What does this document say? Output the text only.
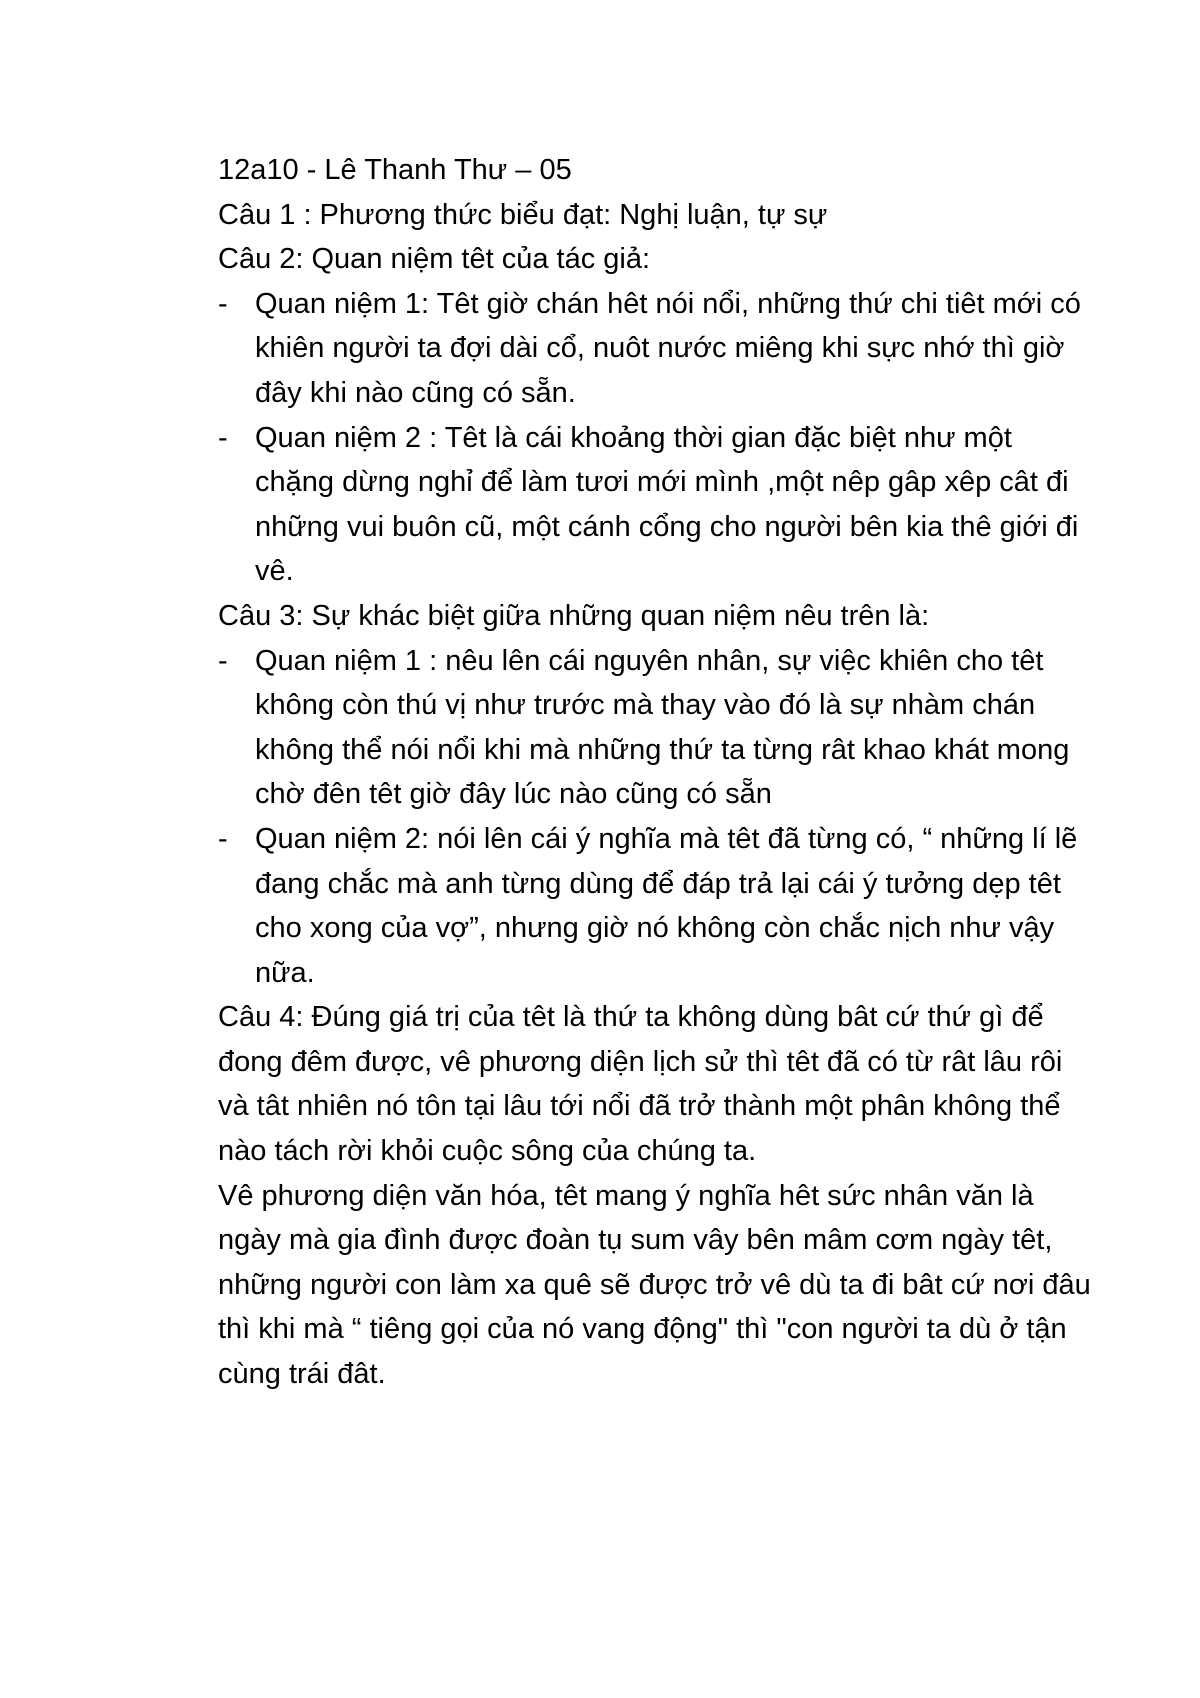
12a10 - Lê Thanh Thư – 05

Câu 1 : Phương thức biểu đạt: Nghị luận, tự sự

Câu 2: Quan niệm têt của tác giả:

- Quan niệm 1: Têt giờ chán hêt nói nổi, những thứ chi tiêt mới có khiên người ta đợi dài cổ, nuôt nước miêng khi sực nhớ thì giờ đây khi nào cũng có sẵn.
- Quan niệm 2 : Têt là cái khoảng thời gian đặc biệt như một chặng dừng nghỉ để làm tươi mới mình ,một nêp gâp xêp cât đi những vui buôn cũ, một cánh cổng cho người bên kia thê giới đi vê.

Câu 3: Sự khác biệt giữa những quan niệm nêu trên là:

- Quan niệm 1 : nêu lên cái nguyên nhân, sự việc khiên cho têt không còn thú vị như trước mà thay vào đó là sự nhàm chán không thể nói nổi khi mà những thứ ta từng rât khao khát mong chờ đên têt giờ đây lúc nào cũng có sẵn
- Quan niệm 2: nói lên cái ý nghĩa mà têt đã từng có, “ những lí lẽ đang chắc mà anh từng dùng để đáp trả lại cái ý tưởng dẹp têt cho xong của vợ”, nhưng giờ nó không còn chắc nịch như vậy nữa.

Câu 4: Đúng giá trị của têt là thứ ta không dùng bât cứ thứ gì để đong đêm được, vê phương diện lịch sử thì têt đã có từ rât lâu rôi và tât nhiên nó tôn tại lâu tới nổi đã trở thành một phân không thể nào tách rời khỏi cuộc sông của chúng ta.

Vê phương diện văn hóa, têt mang ý nghĩa hêt sức nhân văn là ngày mà gia đình được đoàn tụ sum vây bên mâm cơm ngày têt, những người con làm xa quê sẽ được trở vê dù ta đi bât cứ nơi đâu thì khi mà “ tiêng gọi của nó vang động" thì "con người ta dù ở tận cùng trái đât.
